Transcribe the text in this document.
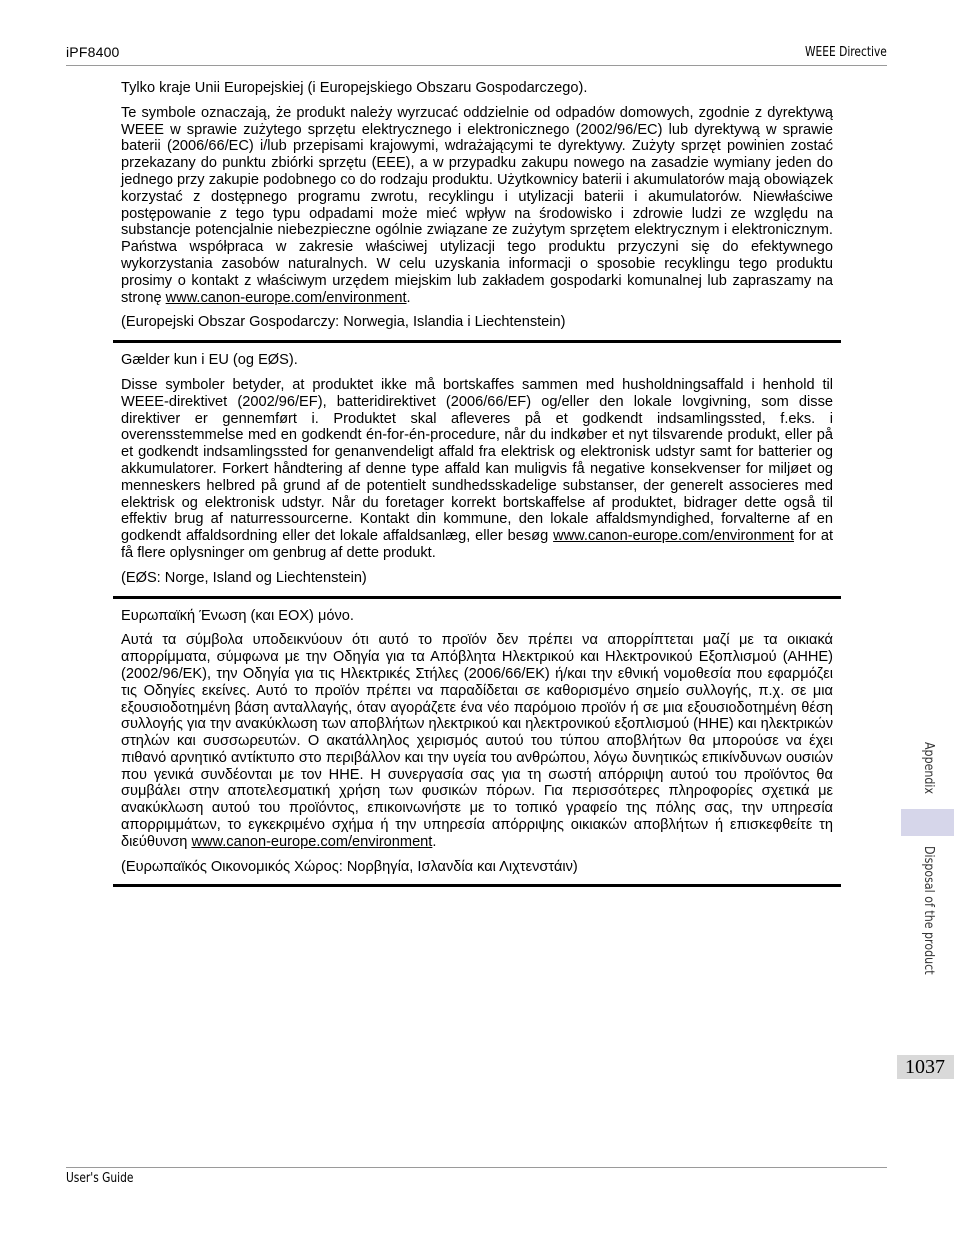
iPF8400	WEEE Directive

Tylko kraje Unii Europejskiej (i Europejskiego Obszaru Gospodarczego).

Te symbole oznaczają, że produkt należy wyrzucać oddzielnie od odpadów domowych, zgodnie z dyrektywą WEEE w sprawie zużytego sprzętu elektrycznego i elektronicznego (2002/96/EC) lub dyrektywą w sprawie baterii (2006/66/EC) i/lub przepisami krajowymi, wdrażającymi te dyrektywy. Zużyty sprzęt powinien zostać przekazany do punktu zbiórki sprzętu (EEE), a w przypadku zakupu nowego na zasadzie wymiany jeden do jednego przy zakupie podobnego co do rodzaju produktu. Użytkownicy baterii i akumulatorów mają obowiązek korzystać z dostępnego programu zwrotu, recyklingu i utylizacji baterii i akumulatorów. Niewłaściwe postępowanie z tego typu odpadami może mieć wpływ na środowisko i zdrowie ludzi ze względu na substancje potencjalnie niebezpieczne ogólnie związane ze zużytym sprzętem elektrycznym i elektronicznym. Państwa współpraca w zakresie właściwej utylizacji tego produktu przyczyni się do efektywnego wykorzystania zasobów naturalnych. W celu uzyskania informacji o sposobie recyklingu tego produktu prosimy o kontakt z właściwym urzędem miejskim lub zakładem gospodarki komunalnej lub zapraszamy na stronę www.canon-europe.com/environment.

(Europejski Obszar Gospodarczy: Norwegia, Islandia i Liechtenstein)

Gælder kun i EU (og EØS).

Disse symboler betyder, at produktet ikke må bortskaffes sammen med husholdningsaffald i henhold til WEEE-direktivet (2002/96/EF), batteridirektivet (2006/66/EF) og/eller den lokale lovgivning, som disse direktiver er gennemført i. Produktet skal afleveres på et godkendt indsamlingssted, f.eks. i overensstemmelse med en godkendt én-for-én-procedure, når du indkøber et nyt tilsvarende produkt, eller på et godkendt indsamlingssted for genanvendeligt affald fra elektrisk og elektronisk udstyr samt for batterier og akkumulatorer. Forkert håndtering af denne type affald kan muligvis få negative konsekvenser for miljøet og menneskers helbred på grund af de potentielt sundhedsskadelige substanser, der generelt associeres med elektrisk og elektronisk udstyr. Når du foretager korrekt bortskaffelse af produktet, bidrager dette også til effektiv brug af naturressourcerne. Kontakt din kommune, den lokale affaldsmyndighed, forvalterne af en godkendt affaldsordning eller det lokale affaldsanlæg, eller besøg www.canon-europe.com/environment for at få flere oplysninger om genbrug af dette produkt.

(EØS: Norge, Island og Liechtenstein)

Ευρωπαϊκή Ένωση (και ΕΟΧ) μόνο.

Αυτά τα σύμβολα υποδεικνύουν ότι αυτό το προϊόν δεν πρέπει να απορρίπτεται μαζί με τα οικιακά απορρίμματα, σύμφωνα με την Οδηγία για τα Απόβλητα Ηλεκτρικού και Ηλεκτρονικού Εξοπλισμού (ΑΗΗΕ) (2002/96/ΕΚ), την Οδηγία για τις Ηλεκτρικές Στήλες (2006/66/ΕΚ) ή/και την εθνική νομοθεσία που εφαρμόζει τις Οδηγίες εκείνες. Αυτό το προϊόν πρέπει να παραδίδεται σε καθορισμένο σημείο συλλογής, π.χ. σε μια εξουσιοδοτημένη βάση ανταλλαγής, όταν αγοράζετε ένα νέο παρόμοιο προϊόν ή σε μια εξουσιοδοτημένη θέση συλλογής για την ανακύκλωση των αποβλήτων ηλεκτρικού και ηλεκτρονικού εξοπλισμού (ΗΗΕ) και ηλεκτρικών στηλών και συσσωρευτών. Ο ακατάλληλος χειρισμός αυτού του τύπου αποβλήτων θα μπορούσε να έχει πιθανό αρνητικό αντίκτυπο στο περιβάλλον και την υγεία του ανθρώπου, λόγω δυνητικώς επικίνδυνων ουσιών που γενικά συνδέονται με τον ΗΗΕ. Η συνεργασία σας για τη σωστή απόρριψη αυτού του προϊόντος θα συμβάλει στην αποτελεσματική χρήση των φυσικών πόρων. Για περισσότερες πληροφορίες σχετικά με ανακύκλωση αυτού του προϊόντος, επικοινωνήστε με το τοπικό γραφείο της πόλης σας, την υπηρεσία απορριμμάτων, το εγκεκριμένο σχήμα ή την υπηρεσία απόρριψης οικιακών αποβλήτων ή επισκεφθείτε τη διεύθυνση www.canon-europe.com/environment.

(Ευρωπαϊκός Οικονομικός Χώρος: Νορβηγία, Ισλανδία και Λιχτενστάιν)

Appendix
Disposal of the product
1037
User's Guide
